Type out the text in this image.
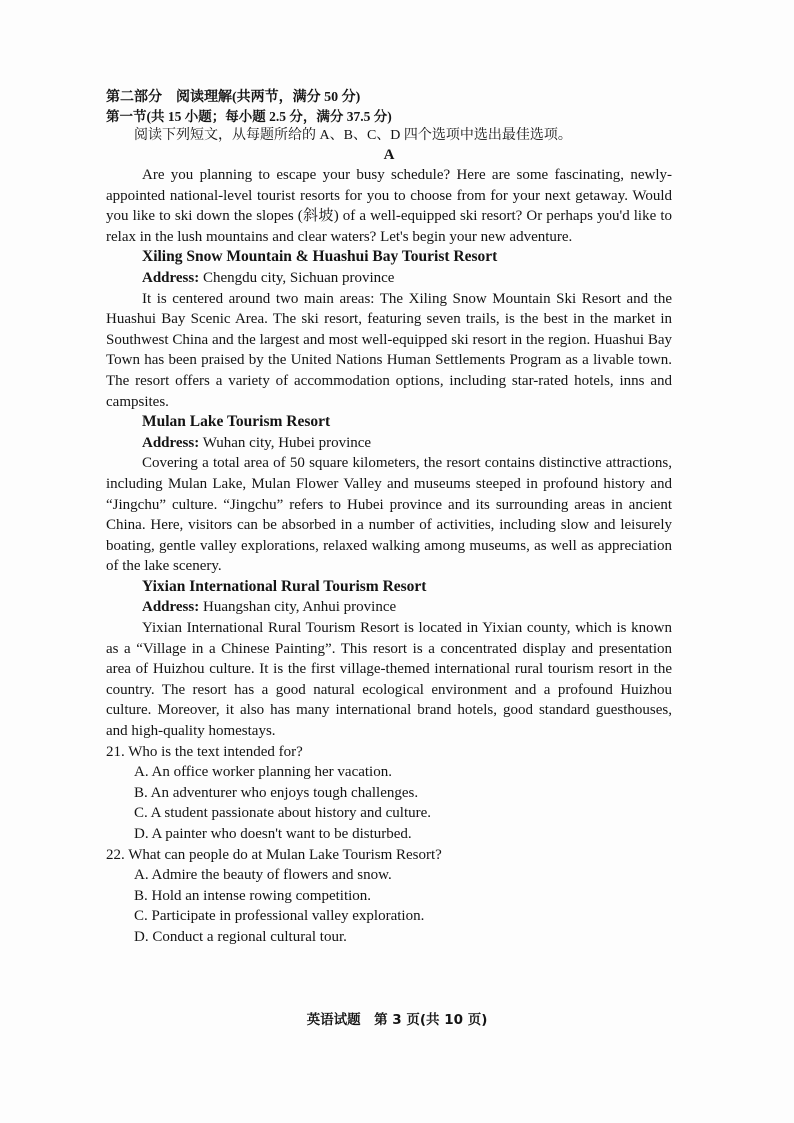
第二部分　阅读理解(共两节，满分 50 分)
第一节(共 15 小题；每小题 2.5 分，满分 37.5 分)
阅读下列短文，从每题所给的 A、B、C、D 四个选项中选出最佳选项。
A

Are you planning to escape your busy schedule? Here are some fascinating, newly-appointed national-level tourist resorts for you to choose from for your next getaway. Would you like to ski down the slopes (斜坡) of a well-equipped ski resort? Or perhaps you'd like to relax in the lush mountains and clear waters? Let's begin your new adventure.

Xiling Snow Mountain & Huashui Bay Tourist Resort
Address: Chengdu city, Sichuan province

It is centered around two main areas: The Xiling Snow Mountain Ski Resort and the Huashui Bay Scenic Area. The ski resort, featuring seven trails, is the best in the market in Southwest China and the largest and most well-equipped ski resort in the region. Huashui Bay Town has been praised by the United Nations Human Settlements Program as a livable town. The resort offers a variety of accommodation options, including star-rated hotels, inns and campsites.

Mulan Lake Tourism Resort
Address: Wuhan city, Hubei province

Covering a total area of 50 square kilometers, the resort contains distinctive attractions, including Mulan Lake, Mulan Flower Valley and museums steeped in profound history and “Jingchu” culture. “Jingchu” refers to Hubei province and its surrounding areas in ancient China. Here, visitors can be absorbed in a number of activities, including slow and leisurely boating, gentle valley explorations, relaxed walking among museums, as well as appreciation of the lake scenery.

Yixian International Rural Tourism Resort
Address: Huangshan city, Anhui province

Yixian International Rural Tourism Resort is located in Yixian county, which is known as a “Village in a Chinese Painting”. This resort is a concentrated display and presentation area of Huizhou culture. It is the first village-themed international rural tourism resort in the country. The resort has a good natural ecological environment and a profound Huizhou culture. Moreover, it also has many international brand hotels, good standard guesthouses, and high-quality homestays.

21. Who is the text intended for?
A. An office worker planning her vacation.
B. An adventurer who enjoys tough challenges.
C. A student passionate about history and culture.
D. A painter who doesn't want to be disturbed.
22. What can people do at Mulan Lake Tourism Resort?
A. Admire the beauty of flowers and snow.
B. Hold an intense rowing competition.
C. Participate in professional valley exploration.
D. Conduct a regional cultural tour.
英语试题　第 3 页(共 10 页)
